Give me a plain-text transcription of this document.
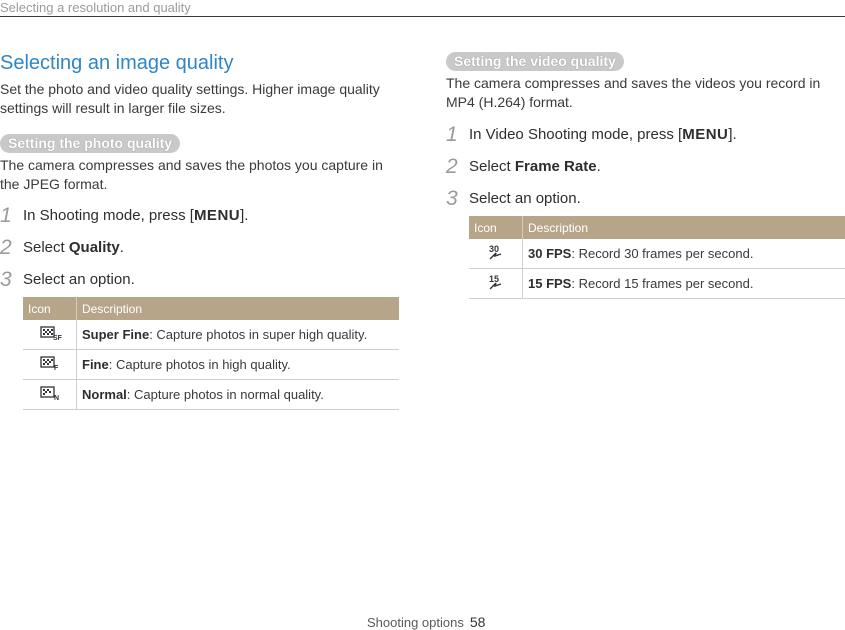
Selecting a resolution and quality
Selecting an image quality
Set the photo and video quality settings. Higher image quality settings will result in larger file sizes.
Setting the photo quality
The camera compresses and saves the photos you capture in the JPEG format.
1 In Shooting mode, press [MENU].
2 Select Quality.
3 Select an option.
Icon	Description

SF	Super Fine: Capture photos in super high quality.

F	Fine: Capture photos in high quality.

N	Normal: Capture photos in normal quality.
Setting the video quality
The camera compresses and saves the videos you record in MP4 (H.264) format.
1 In Video Shooting mode, press [MENU].
2 Select Frame Rate.
3 Select an option.
Icon	Description

30	30 FPS: Record 30 frames per second.

15	15 FPS: Record 15 frames per second.
Shooting options 58
